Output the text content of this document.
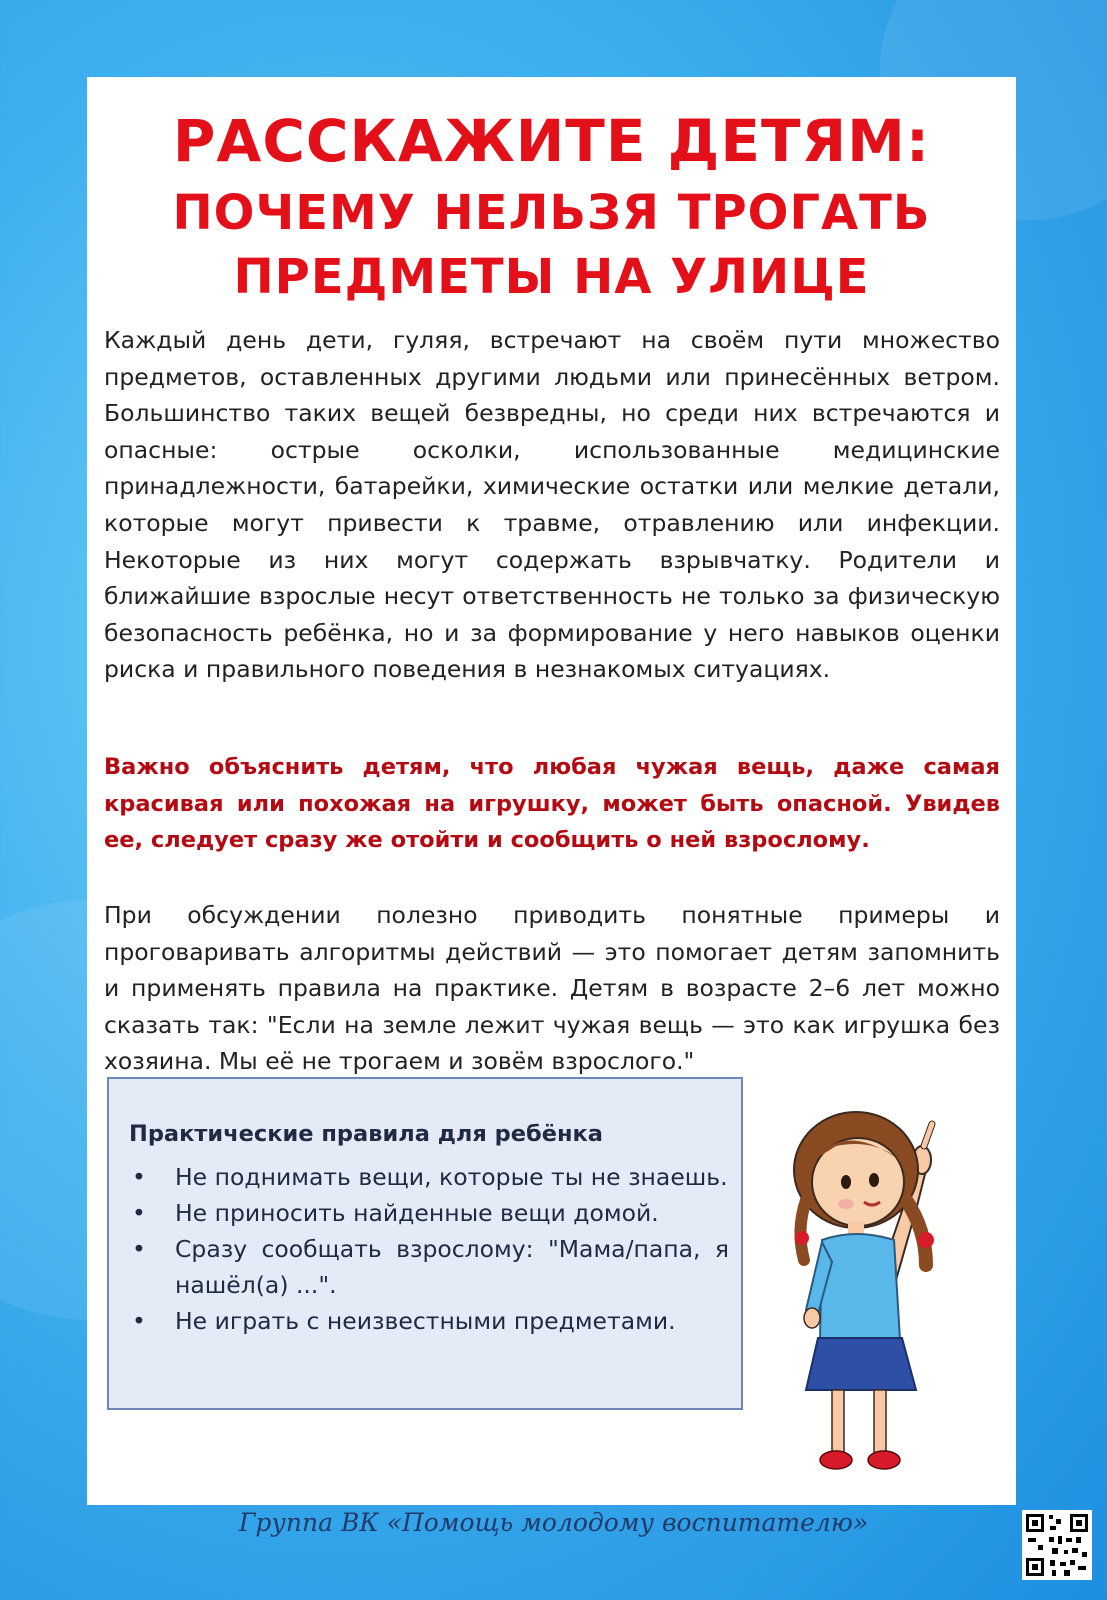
РАССКАЖИТЕ ДЕТЯМ:
ПОЧЕМУ НЕЛЬЗЯ ТРОГАТЬ
ПРЕДМЕТЫ НА УЛИЦЕ

Каждый день дети, гуляя, встречают на своём пути множество предметов, оставленных другими людьми или принесённых ветром. Большинство таких вещей безвредны, но среди них встречаются и опасные: острые осколки, использованные медицинские принадлежности, батарейки, химические остатки или мелкие детали, которые могут привести к травме, отравлению или инфекции. Некоторые из них могут содержать взрывчатку. Родители и ближайшие взрослые несут ответственность не только за физическую безопасность ребёнка, но и за формирование у него навыков оценки риска и правильного поведения в незнакомых ситуациях.

Важно объяснить детям, что любая чужая вещь, даже самая красивая или похожая на игрушку, может быть опасной. Увидев ее, следует сразу же отойти и сообщить о ней взрослому.

При обсуждении полезно приводить понятные примеры и проговаривать алгоритмы действий — это помогает детям запомнить и применять правила на практике. Детям в возрасте 2–6 лет можно сказать так: "Если на земле лежит чужая вещь — это как игрушка без хозяина. Мы её не трогаем и зовём взрослого."

Практические правила для ребёнка

• Не поднимать вещи, которые ты не знаешь.
• Не приносить найденные вещи домой.
• Сразу сообщать взрослому: "Мама/папа, я нашёл(а) ...".
• Не играть с неизвестными предметами.
Группа ВК «Помощь молодому воспитателю»
